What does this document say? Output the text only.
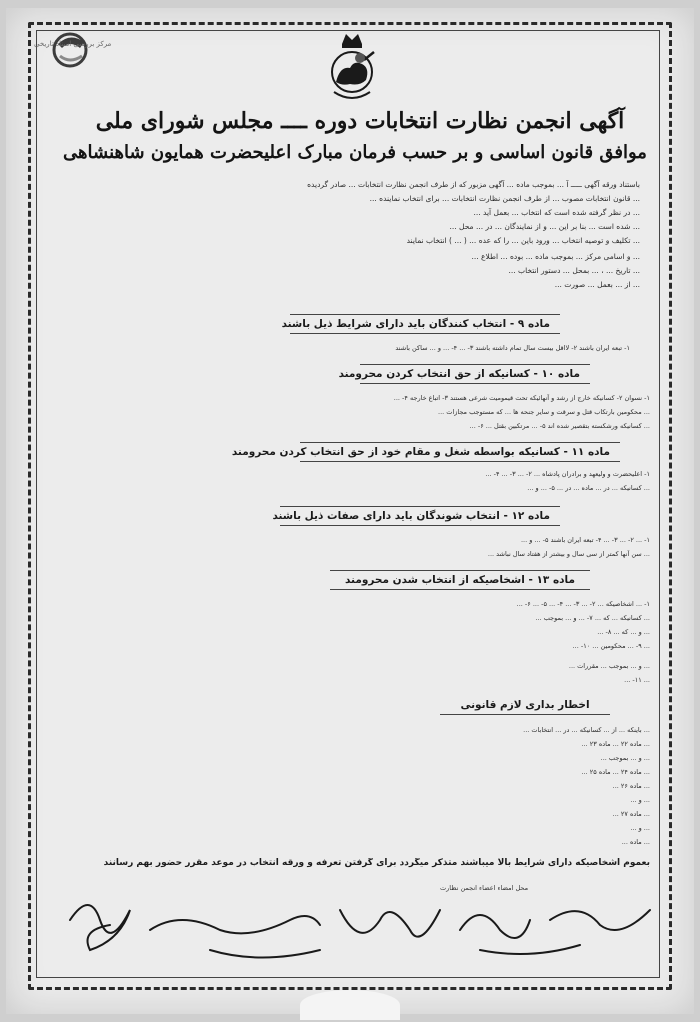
مرکز بررسی اسناد تاریخی
آگهی انجمن نظارت انتخابات دوره ــــ مجلس شورای ملی
موافق قانون اساسی و بر حسب فرمان مبارک اعلیحضرت همایون شاهنشاهی
باستناد ورقه آگهی ـــــ آ ... بموجب ماده ... آگهی مزبور که از طرف انجمن نظارت انتخابات ... صادر گردیده
... قانون انتخابات مصوب ... از طرف انجمن نظارت انتخابات ... برای انتخاب نماینده ...
... در نظر گرفته شده است که انتخاب ... بعمل آید ...
... شده است ... بنا بر این ... و از نمایندگان ... در ... محل ...
... تکلیف و توصیه انتخاب ... ورود باین ... را که عده ... ( ... ) انتخاب نمایند
... و اسامی مرکز ... بموجب ماده ... بوده ... اطلاع ...
... تاریخ ... ، ... بمحل ... دستور انتخاب ...
... از ... بعمل ... صورت ...
ماده ۹ - انتخاب کنندگان باید دارای شرایط ذیل باشند
۱- تبعه ایران باشند ۲- لااقل بیست سال تمام داشته باشند ۳- ... ۴- ... و ... ساکن باشند
ماده ۱۰ - کسانیکه از حق انتخاب کردن محرومند
۱- نسوان ۲- کسانیکه خارج از رشد و آنهائیکه تحت قیمومیت شرعی هستند ۳- اتباع خارجه ۴- ...
... محکومین بارتکاب قتل و سرقت و سایر جنحه ها ... که مستوجب مجازات ...
... کسانیکه ورشکسته بتقصیر شده اند ۵- ... مرتکبین بقتل ... ۶- ...
ماده ۱۱ - کسانیکه بواسطه شغل و مقام خود از حق انتخاب کردن محرومند
۱- اعلیحضرت و ولیعهد و برادران پادشاه ... ۲- ... ۳- ... ۴- ...
... کسانیکه ... در ... ماده ... در ... ۵- ... و ...
ماده ۱۲ - انتخاب شوندگان باید دارای صفات ذیل باشند
۱- ... ۲- ... ۳- ... ۴- تبعه ایران باشند ۵- ... و ...
... سن آنها کمتر از سی سال و بیشتر از هفتاد سال نباشد ...
ماده ۱۳ - اشخاصیکه از انتخاب شدن محرومند
۱- ... اشخاصیکه ... ۲- ... ۳- ... ۴- ... ۵- ... ۶- ...
... کسانیکه ... که ... ۷- ... و ... بموجب ...
... و ... که ... ۸- ...
... ۹- ... محکومین ... ۱۰- ...
... و ... بموجب ... مقررات ...
... ۱۱- ...
اخطار بداری لازم قانونی
... باینکه ... از ... کسانیکه ... در ... انتخابات ...
... ماده ۲۲ ... ماده ۲۳ ...
... و ... بموجب ...
... ماده ۲۴ ... ماده ۲۵ ...
... ماده ۲۶ ...
... و ...
... ماده ۲۷ ...
... و ...
... ماده ...
بعموم اشخاصیکه دارای شرایط بالا میباشند متذکر میگردد برای گرفتن تعرفه و ورقه انتخاب در موعد مقرر حضور بهم رسانند
محل امضاء اعضاء انجمن نظارت
